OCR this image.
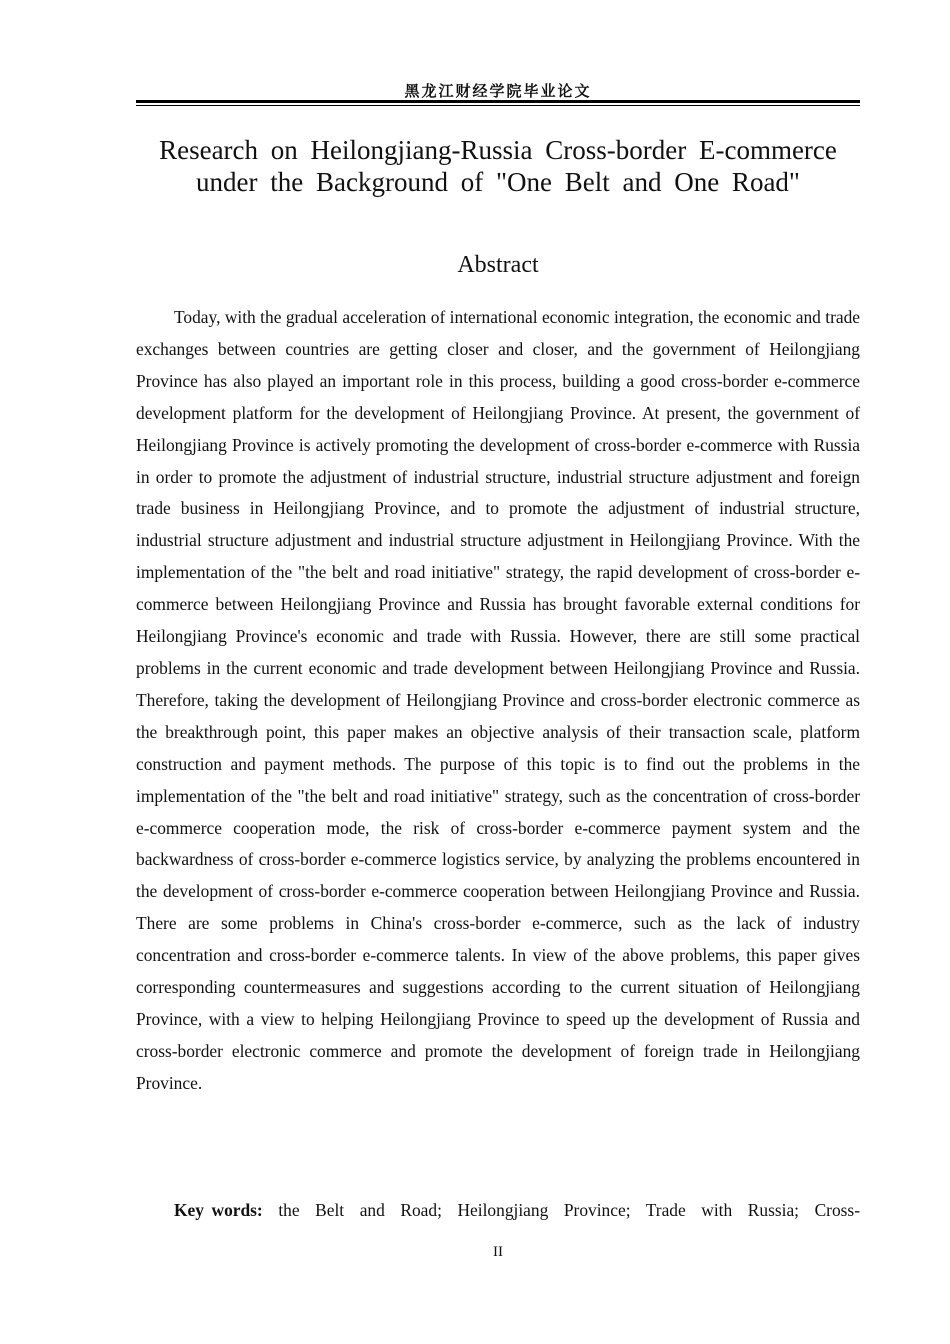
黑龙江财经学院毕业论文
Research on Heilongjiang-Russia Cross-border E-commerce under the Background of "One Belt and One Road"
Abstract

Today, with the gradual acceleration of international economic integration, the economic and trade exchanges between countries are getting closer and closer, and the government of Heilongjiang Province has also played an important role in this process, building a good cross-border e-commerce development platform for the development of Heilongjiang Province. At present, the government of Heilongjiang Province is actively promoting the development of cross-border e-commerce with Russia in order to promote the adjustment of industrial structure, industrial structure adjustment and foreign trade business in Heilongjiang Province, and to promote the adjustment of industrial structure, industrial structure adjustment and industrial structure adjustment in Heilongjiang Province. With the implementation of the "the belt and road initiative" strategy, the rapid development of cross-border e-commerce between Heilongjiang Province and Russia has brought favorable external conditions for Heilongjiang Province's economic and trade with Russia. However, there are still some practical problems in the current economic and trade development between Heilongjiang Province and Russia. Therefore, taking the development of Heilongjiang Province and cross-border electronic commerce as the breakthrough point, this paper makes an objective analysis of their transaction scale, platform construction and payment methods. The purpose of this topic is to find out the problems in the implementation of the "the belt and road initiative" strategy, such as the concentration of cross-border e-commerce cooperation mode, the risk of cross-border e-commerce payment system and the backwardness of cross-border e-commerce logistics service, by analyzing the problems encountered in the development of cross-border e-commerce cooperation between Heilongjiang Province and Russia. There are some problems in China's cross-border e-commerce, such as the lack of industry concentration and cross-border e-commerce talents. In view of the above problems, this paper gives corresponding countermeasures and suggestions according to the current situation of Heilongjiang Province, with a view to helping Heilongjiang Province to speed up the development of Russia and cross-border electronic commerce and promote the development of foreign trade in Heilongjiang Province.

Key words: the Belt and Road; Heilongjiang Province; Trade with Russia; Cross-

II
